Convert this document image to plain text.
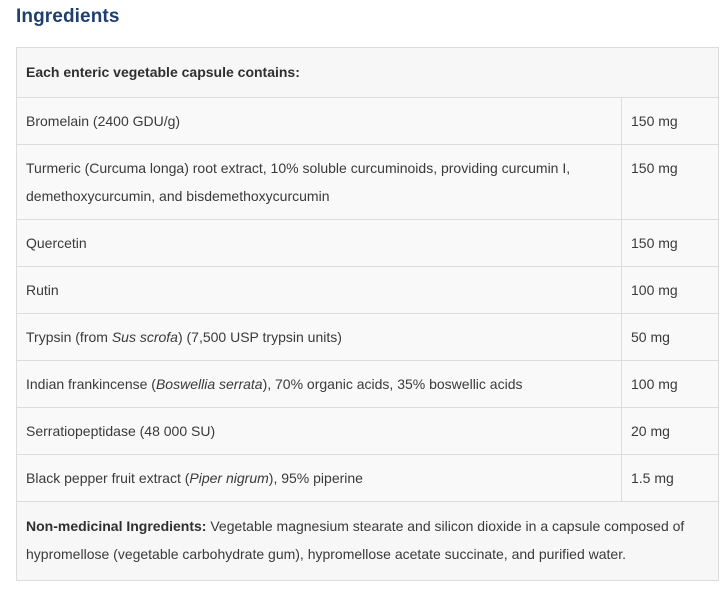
Ingredients
Each enteric vegetable capsule contains:	
Bromelain (2400 GDU/g)	150 mg
Turmeric (Curcuma longa) root extract, 10% soluble curcuminoids, providing curcumin I, demethoxycurcumin, and bisdemethoxycurcumin	150 mg
Quercetin	150 mg
Rutin	100 mg
Trypsin (from Sus scrofa) (7,500 USP trypsin units)	50 mg
Indian frankincense (Boswellia serrata), 70% organic acids, 35% boswellic acids	100 mg
Serratiopeptidase (48 000 SU)	20 mg
Black pepper fruit extract (Piper nigrum), 95% piperine	1.5 mg
Non-medicinal Ingredients: Vegetable magnesium stearate and silicon dioxide in a capsule composed of hypromellose (vegetable carbohydrate gum), hypromellose acetate succinate, and purified water.	
